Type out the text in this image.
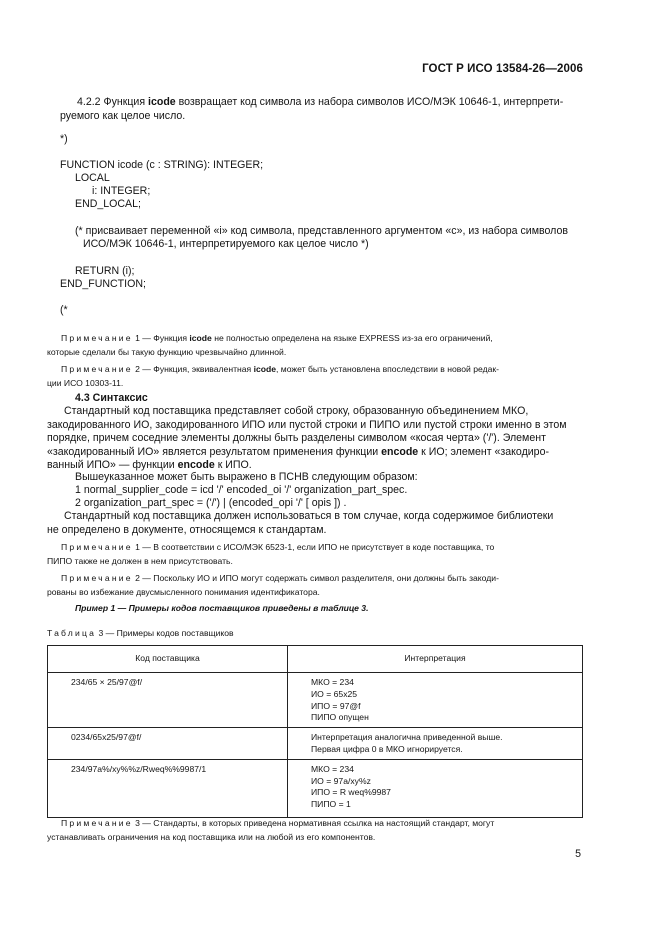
ГОСТ Р ИСО 13584-26—2006
4.2.2 Функция icode возвращает код символа из набора символов ИСО/МЭК 10646-1, интерпрети-
руемого как целое число.
*)
FUNCTION icode (c : STRING): INTEGER;
LOCAL
i: INTEGER;
END_LOCAL;
(* присваивает переменной «i» код символа, представленного аргументом «c», из набора символов
ИСО/МЭК 10646-1, интерпретируемого как целое число *)
RETURN (i);
END_FUNCTION;
(*
Примечание 1 — Функция icode не полностью определена на языке EXPRESS из-за его ограничений,
которые сделали бы такую функцию чрезвычайно длинной.
Примечание 2 — Функция, эквивалентная icode, может быть установлена впоследствии в новой редак-
ции ИСО 10303-11.
4.3 Синтаксис
Стандартный код поставщика представляет собой строку, образованную объединением МКО,
закодированного ИО, закодированного ИПО или пустой строки и ПИПО или пустой строки именно в этом
порядке, причем соседние элементы должны быть разделены символом «косая черта» ('/'). Элемент
«закодированный ИО» является результатом применения функции encode к ИО; элемент «закодиро-
ванный ИПО» — функции encode к ИПО.
Вышеуказанное может быть выражено в ПСНВ следующим образом:
1 normal_supplier_code = icd '/' encoded_oi '/' organization_part_spec.
2 organization_part_spec = ('/') | (encoded_opi '/' [ opis ]) .
Стандартный код поставщика должен использоваться в том случае, когда содержимое библиотеки
не определено в документе, относящемся к стандартам.
Примечание 1 — В соответствии с ИСО/МЭК 6523-1, если ИПО не присутствует в коде поставщика, то
ПИПО также не должен в нем присутствовать.
Примечание 2 — Поскольку ИО и ИПО могут содержать символ разделителя, они должны быть закоди-
рованы во избежание двусмысленного понимания идентификатора.
Пример 1 — Примеры кодов поставщиков приведены в таблице 3.
Таблица 3 — Примеры кодов поставщиков
Код поставщика	Интерпретация
234/65 × 25/97@f/	МКО = 234
ИО = 65х25
ИПО = 97@f
ПИПО опущен

0234/65х25/97@f/	Интерпретация аналогична приведенной выше.
Первая цифра 0 в МКО игнорируется.

234/97a%/xy%%z/Rweq%%9987/1	МКО = 234
ИО = 97a/xy%z
ИПО = R weq%9987
ПИПО = 1
Примечание 3 — Стандарты, в которых приведена нормативная ссылка на настоящий стандарт, могут
устанавливать ограничения на код поставщика или на любой из его компонентов.
5
